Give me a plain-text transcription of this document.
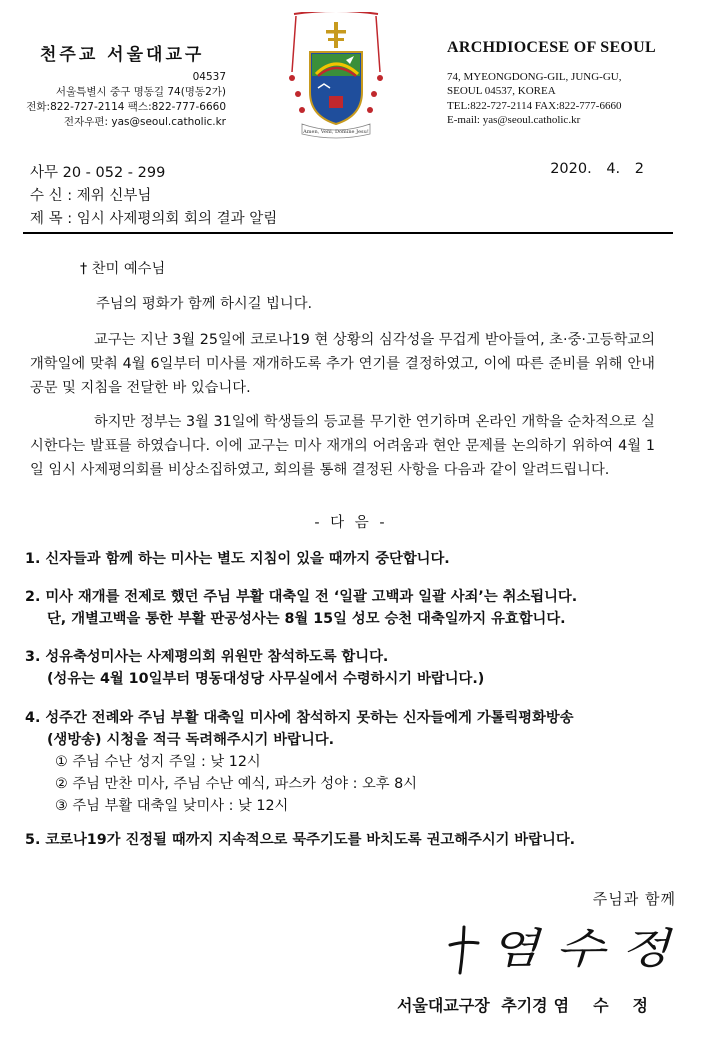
천주교 서울대교구
04537
서울특별시 중구 명동길 74(명동2가)
전화:822-727-2114 팩스:822-777-6660
전자우편: yas@seoul.catholic.kr
Amen, Veni, Domine Jesu!
ARCHDIOCESE OF SEOUL
74, MYEONGDONG-GIL, JUNG-GU,
SEOUL 04537, KOREA
TEL:822-727-2114 FAX:822-777-6660
E-mail: yas@seoul.catholic.kr
사무 20 - 052 - 299	2020. 4. 2
수 신 : 제위 신부님
제 목 : 임시 사제평의회 회의 결과 알림
† 찬미 예수님
주님의 평화가 함께 하시길 빕니다.
교구는 지난 3월 25일에 코로나19 현 상황의 심각성을 무겁게 받아들여, 초·중·고등학교의 개학일에 맞춰 4월 6일부터 미사를 재개하도록 추가 연기를 결정하였고, 이에 따른 준비를 위해 안내 공문 및 지침을 전달한 바 있습니다.
하지만 정부는 3월 31일에 학생들의 등교를 무기한 연기하며 온라인 개학을 순차적으로 실시한다는 발표를 하였습니다. 이에 교구는 미사 재개의 어려움과 현안 문제를 논의하기 위하여 4월 1일 임시 사제평의회를 비상소집하였고, 회의를 통해 결정된 사항을 다음과 같이 알려드립니다.
- 다 음 -
1. 신자들과 함께 하는 미사는 별도 지침이 있을 때까지 중단합니다.
2. 미사 재개를 전제로 했던 주님 부활 대축일 전 ‘일괄 고백과 일괄 사죄’는 취소됩니다.
단, 개별고백을 통한 부활 판공성사는 8월 15일 성모 승천 대축일까지 유효합니다.
3. 성유축성미사는 사제평의회 위원만 참석하도록 합니다.
(성유는 4월 10일부터 명동대성당 사무실에서 수령하시기 바랍니다.)
4. 성주간 전례와 주님 부활 대축일 미사에 참석하지 못하는 신자들에게 가톨릭평화방송
(생방송) 시청을 적극 독려해주시기 바랍니다.
① 주님 수난 성지 주일 : 낮 12시
② 주님 만찬 미사, 주님 수난 예식, 파스카 성야 : 오후 8시
③ 주님 부활 대축일 낮미사 : 낮 12시
5. 코로나19가 진정될 때까지 지속적으로 묵주기도를 바치도록 권고해주시기 바랍니다.
주님과 함께
염 수 정
서울대교구장 추기경 염수정
